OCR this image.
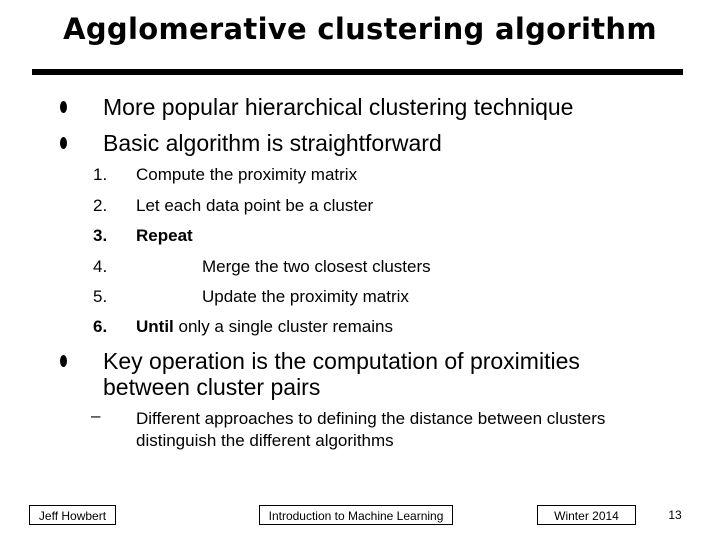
Agglomerative clustering algorithm
More popular hierarchical clustering technique
Basic algorithm is straightforward
1. Compute the proximity matrix
2. Let each data point be a cluster
3. Repeat
4.	Merge the two closest clusters
5.	Update the proximity matrix
6. Until only a single cluster remains
Key operation is the computation of proximities between cluster pairs
– Different approaches to defining the distance between clusters distinguish the different algorithms
Jeff Howbert	Introduction to Machine Learning	Winter 2014	13
